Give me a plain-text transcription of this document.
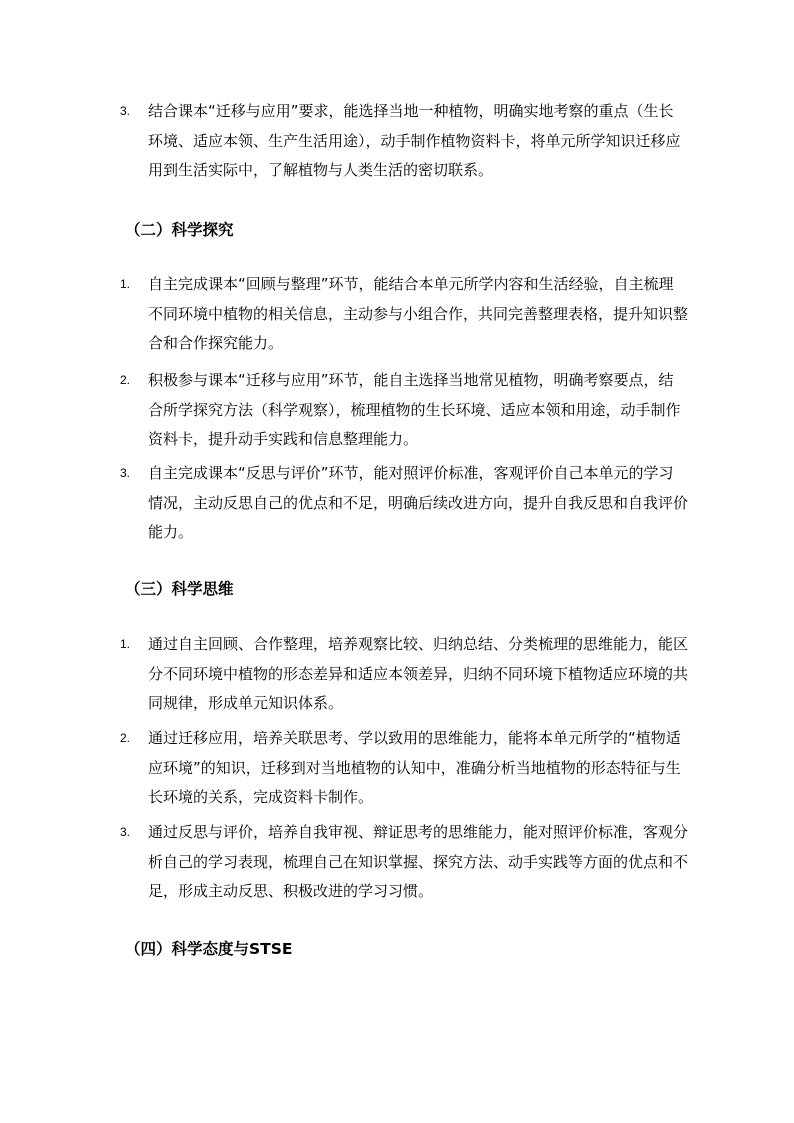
3. 结合课本“迁移与应用”要求，能选择当地一种植物，明确实地考察的重点（生长环境、适应本领、生产生活用途），动手制作植物资料卡，将单元所学知识迁移应用到生活实际中，了解植物与人类生活的密切联系。

（二）科学探究
1. 自主完成课本“回顾与整理”环节，能结合本单元所学内容和生活经验，自主梳理不同环境中植物的相关信息，主动参与小组合作，共同完善整理表格，提升知识整合和合作探究能力。

2. 积极参与课本“迁移与应用”环节，能自主选择当地常见植物，明确考察要点，结合所学探究方法（科学观察），梳理植物的生长环境、适应本领和用途，动手制作资料卡，提升动手实践和信息整理能力。

3. 自主完成课本“反思与评价”环节，能对照评价标准，客观评价自己本单元的学习情况，主动反思自己的优点和不足，明确后续改进方向，提升自我反思和自我评价能力。

（三）科学思维
1. 通过自主回顾、合作整理，培养观察比较、归纳总结、分类梳理的思维能力，能区分不同环境中植物的形态差异和适应本领差异，归纳不同环境下植物适应环境的共同规律，形成单元知识体系。

2. 通过迁移应用，培养关联思考、学以致用的思维能力，能将本单元所学的“植物适应环境”的知识，迁移到对当地植物的认知中，准确分析当地植物的形态特征与生长环境的关系，完成资料卡制作。

3. 通过反思与评价，培养自我审视、辩证思考的思维能力，能对照评价标准，客观分析自己的学习表现，梳理自己在知识掌握、探究方法、动手实践等方面的优点和不足，形成主动反思、积极改进的学习习惯。

（四）科学态度与STSE
